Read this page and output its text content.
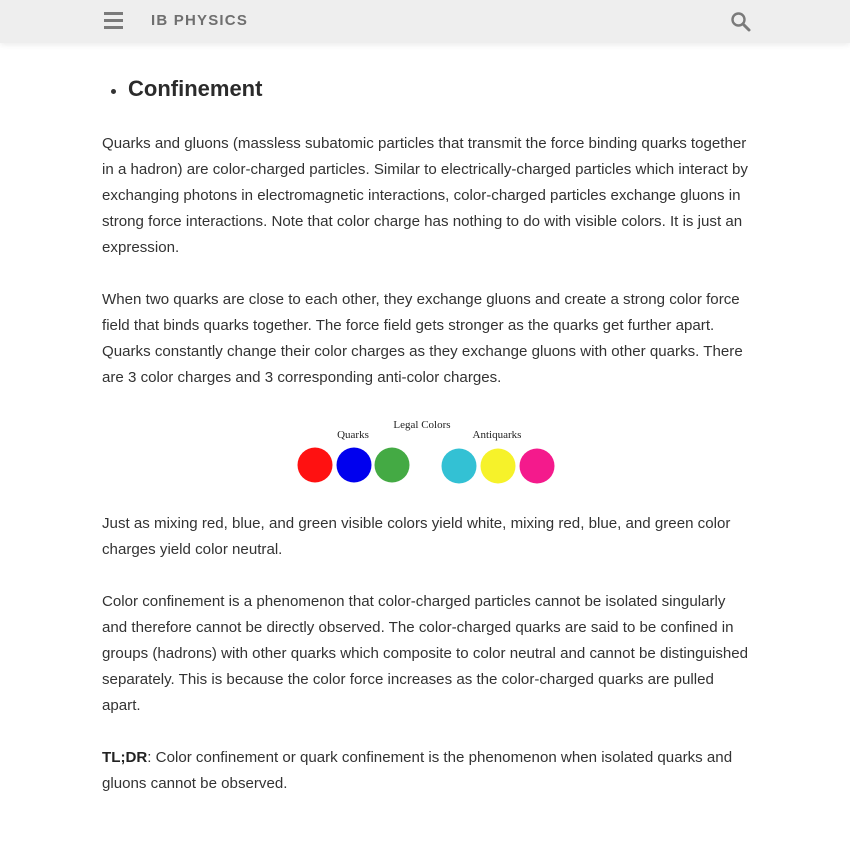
IB PHYSICS
Confinement

Quarks and gluons (massless subatomic particles that transmit the force binding quarks together in a hadron) are color-charged particles. Similar to electrically-charged particles which interact by exchanging photons in electromagnetic interactions, color-charged particles exchange gluons in strong force interactions. Note that color charge has nothing to do with visible colors. It is just an expression.

When two quarks are close to each other, they exchange gluons and create a strong color force field that binds quarks together. The force field gets stronger as the quarks get further apart. Quarks constantly change their color charges as they exchange gluons with other quarks. There are 3 color charges and 3 corresponding anti-color charges.

Legal Colors
Quarks	Antiquarks

Just as mixing red, blue, and green visible colors yield white, mixing red, blue, and green color charges yield color neutral.

Color confinement is a phenomenon that color-charged particles cannot be isolated singularly and therefore cannot be directly observed. The color-charged quarks are said to be confined in groups (hadrons) with other quarks which composite to color neutral and cannot be distinguished separately. This is because the color force increases as the color-charged quarks are pulled apart.

TL;DR: Color confinement or quark confinement is the phenomenon when isolated quarks and gluons cannot be observed.
